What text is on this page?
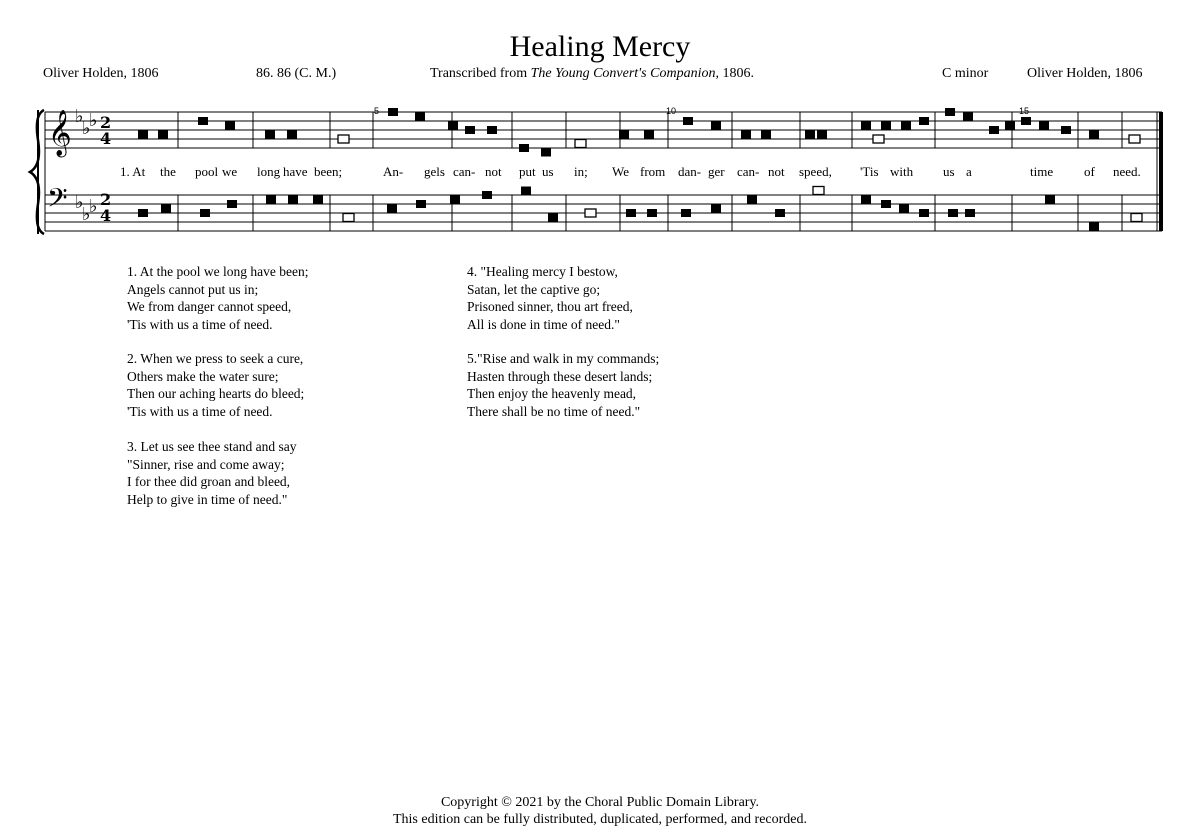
Healing Mercy
Oliver Holden, 1806	86. 86 (C. M.)	Transcribed from The Young Convert's Companion, 1806.	C minor	Oliver Holden, 1806
𝄞
𝄢
♭
♭
♭
♭
♭
♭
2
4
2
4
5	10	15
1. At the pool we long have been;	An- gels can- not put us in; We from dan- ger can- not speed, 'Tis with us a	time of need.
1. At the pool we long have been;
Angels cannot put us in;
We from danger cannot speed,
'Tis with us a time of need.
2. When we press to seek a cure,
Others make the water sure;
Then our aching hearts do bleed;
'Tis with us a time of need.
3. Let us see thee stand and say
"Sinner, rise and come away;
I for thee did groan and bleed,
Help to give in time of need."
4. "Healing mercy I bestow,
Satan, let the captive go;
Prisoned sinner, thou art freed,
All is done in time of need."
5."Rise and walk in my commands;
Hasten through these desert lands;
Then enjoy the heavenly mead,
There shall be no time of need."
Copyright © 2021 by the Choral Public Domain Library.
This edition can be fully distributed, duplicated, performed, and recorded.
